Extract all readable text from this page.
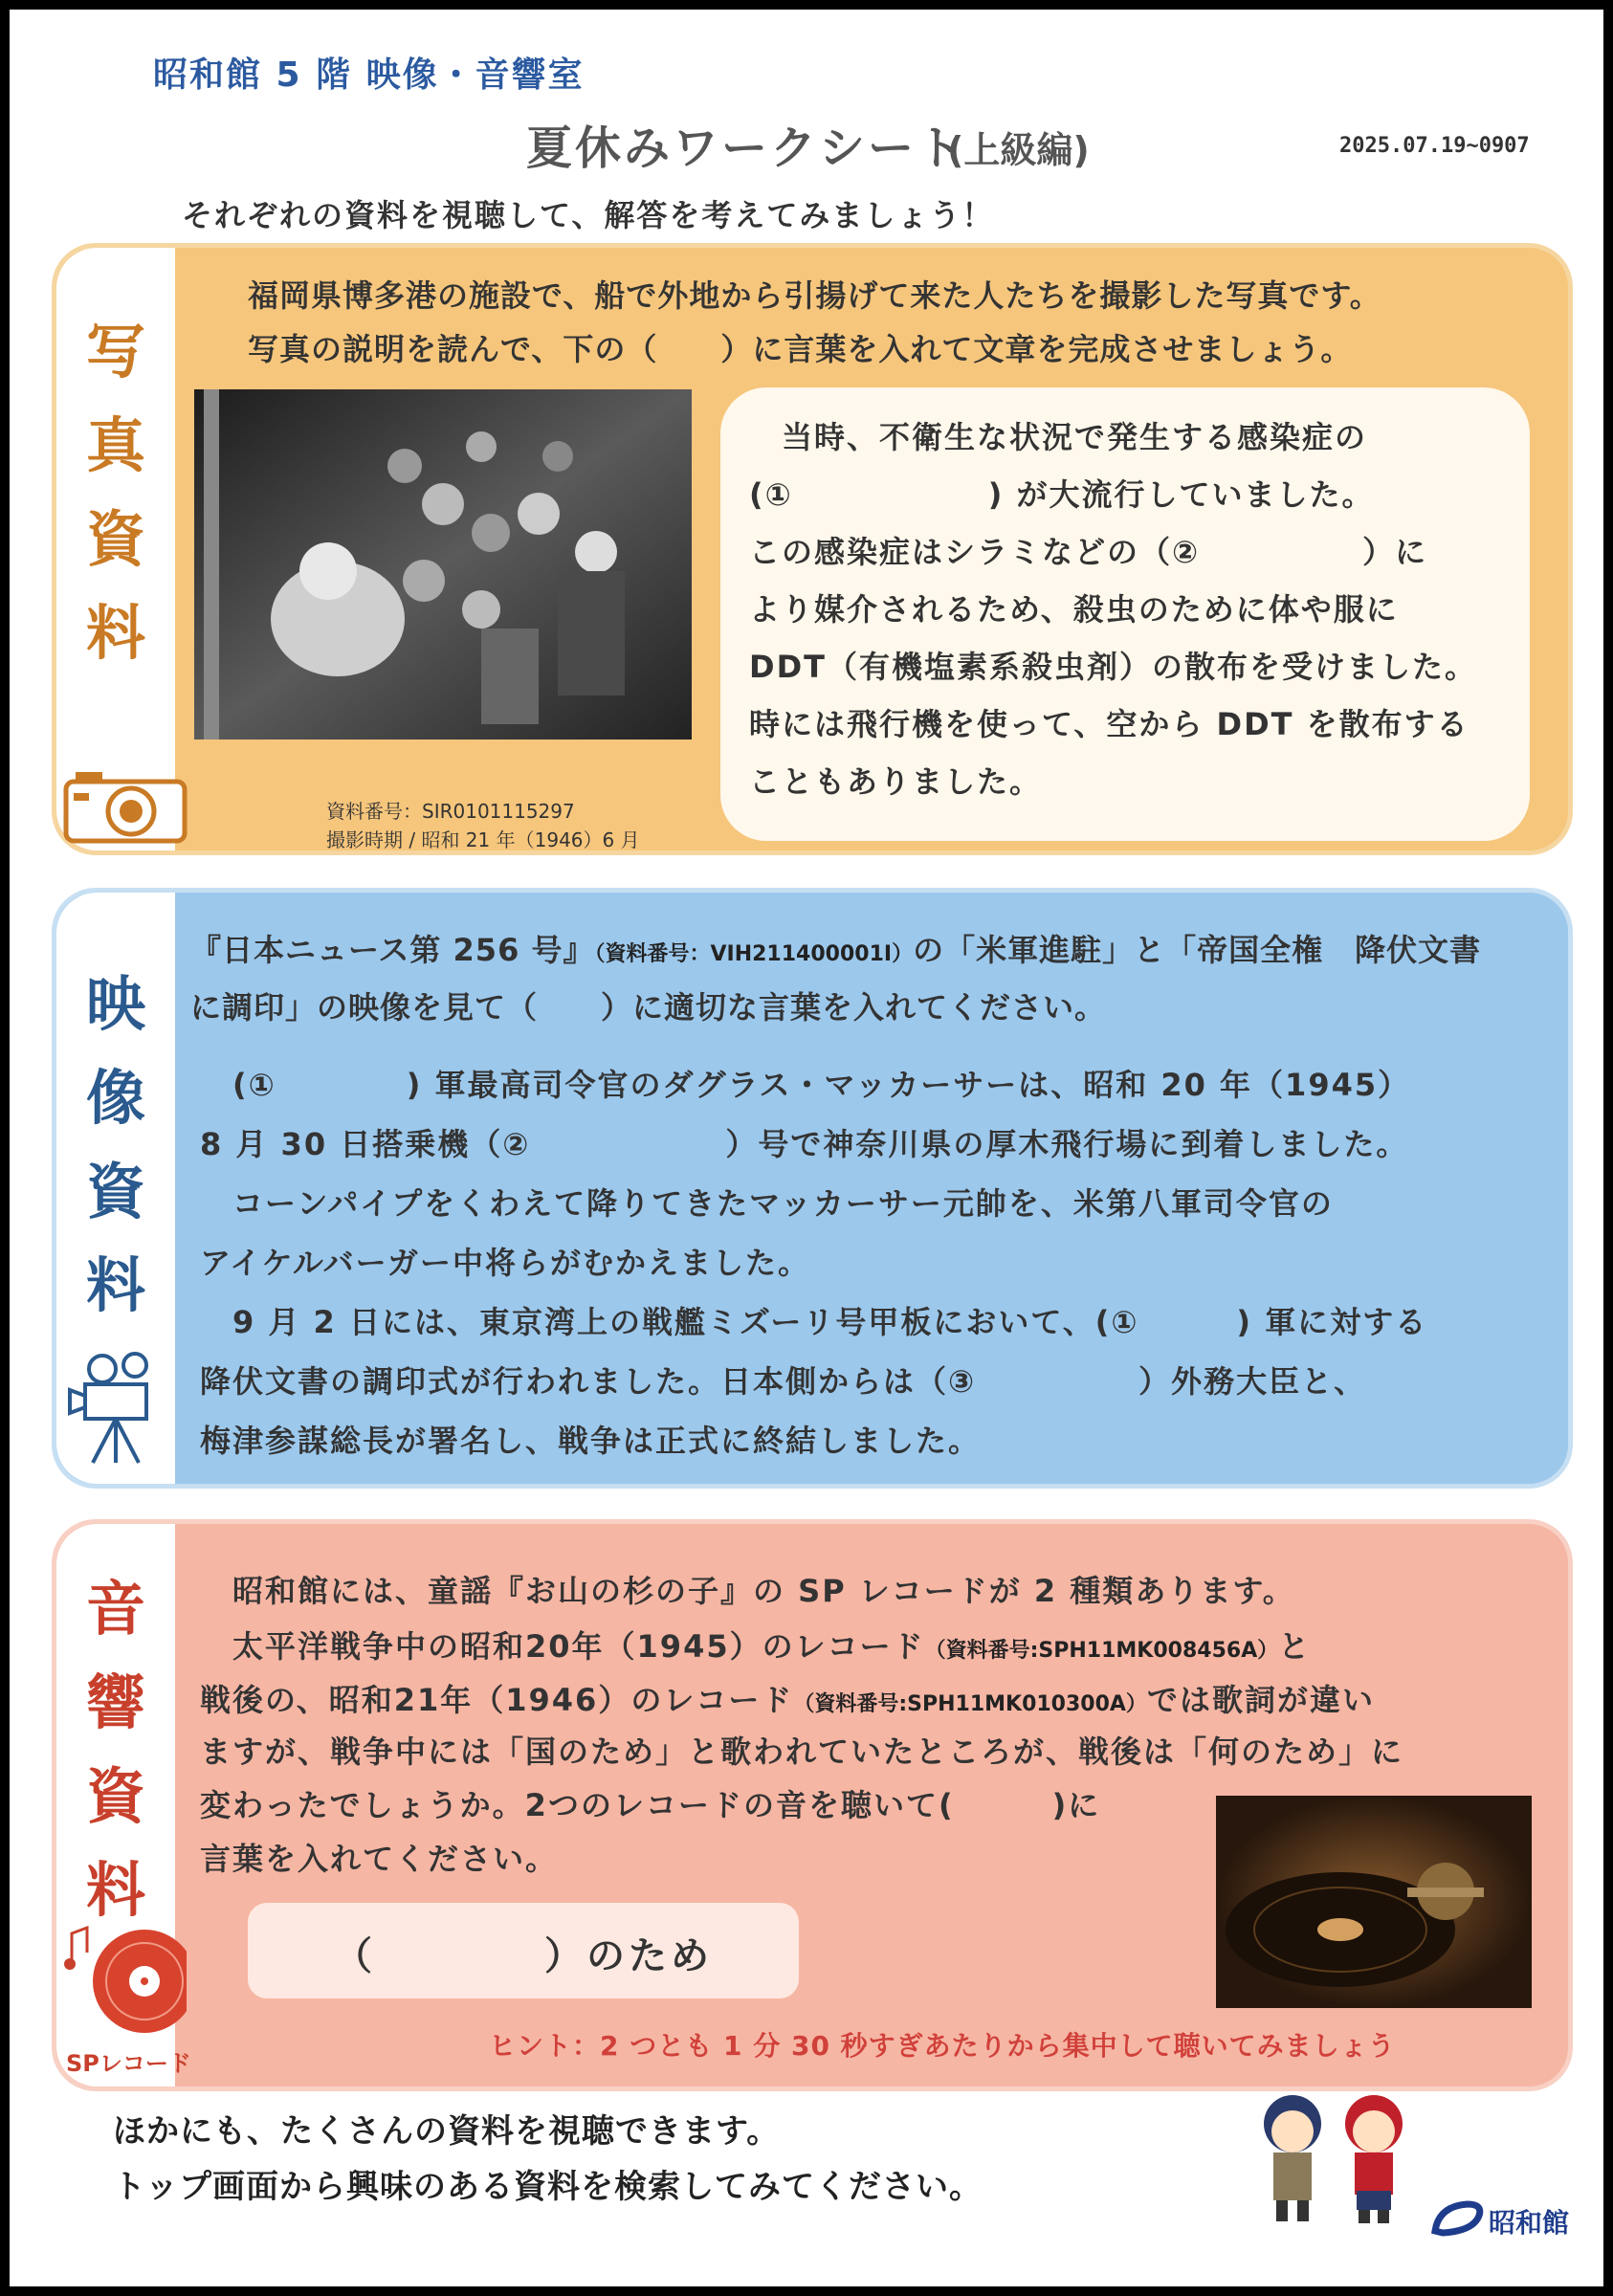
昭和館 5 階 映像・音響室
夏休みワークシート
(上級編)	2025.07.19~0907
それぞれの資料を視聴して、解答を考えてみましょう！
写
真
資
料
福岡県博多港の施設で、船で外地から引揚げて来た人たちを撮影した写真です。
写真の説明を読んで、下の（　　）に言葉を入れて文章を完成させましょう。
資料番号：SIR0101115297
撮影時期 / 昭和 21 年（1946）6 月
　当時、不衛生な状況で発生する感染症の
(①　　　　　　) が大流行していました。
この感染症はシラミなどの（②　　　　　）に
より媒介されるため、殺虫のために体や服に
DDT（有機塩素系殺虫剤）の散布を受けました。
時には飛行機を使って、空から DDT を散布する
こともありました。
映
像
資
料
『日本ニュース第 256 号』（資料番号：VIH211400001I）の「米軍進駐」と「帝国全権　降伏文書
に調印」の映像を見て（　　）に適切な言葉を入れてください。
　(①　　　　) 軍最高司令官のダグラス・マッカーサーは、昭和 20 年（1945）
8 月 30 日搭乗機（②　　　　　　）号で神奈川県の厚木飛行場に到着しました。
　コーンパイプをくわえて降りてきたマッカーサー元帥を、米第八軍司令官の
アイケルバーガー中将らがむかえました。
　9 月 2 日には、東京湾上の戦艦ミズーリ号甲板において、(①　　　) 軍に対する
降伏文書の調印式が行われました。日本側からは（③　　　　　）外務大臣と、
梅津参謀総長が署名し、戦争は正式に終結しました。
音
響
資
料
SPレコード
　昭和館には、童謡『お山の杉の子』の SP レコードが 2 種類あります。
　太平洋戦争中の昭和20年（1945）のレコード（資料番号:SPH11MK008456A）と
戦後の、昭和21年（1946）のレコード（資料番号:SPH11MK010300A）では歌詞が違い
ますが、戦争中には「国のため」と歌われていたところが、戦後は「何のため」に
変わったでしょうか。2つのレコードの音を聴いて(　　　)に
言葉を入れてください。
（　　　　）のため
ヒント：2 つとも 1 分 30 秒すぎあたりから集中して聴いてみましょう
ほかにも、たくさんの資料を視聴できます。
トップ画面から興味のある資料を検索してみてください。
昭和館
